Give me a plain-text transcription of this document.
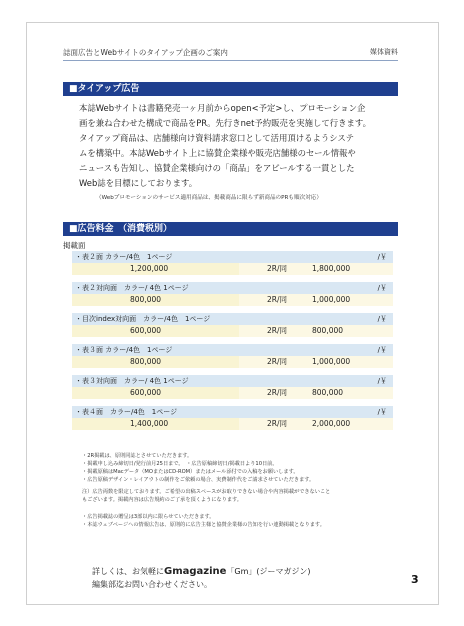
誌面広告とWebサイトのタイアップ企画のご案内	媒体資料
■タイアップ広告
本誌Webサイトは書籍発売一ヶ月前からopen<予定>し、プロモーション企
画を兼ね合わせた構成で商品をPR。先行きnet予約販売を実施して行きます。
タイアップ商品は、店舗様向け資料請求窓口として活用頂けるようシステ
ムを構築中。本誌Webサイト上に協賛企業様や販売店舗様のセール情報や
ニュースも告知し、協賛企業様向けの「商品」をアピールする一貫とした
Web誌を目標にしております。
（Webプロモーションのサービス適用商品は、掲載商品に限らず新商品のPRも順次対応）
■広告料金　（消費税別）
掲載面
・表２面 カラー/4色　1ページ	/￥
1,200,000	2R/同	1,800,000
・表２対向面　カラー/ 4色 1ページ	/￥
800,000	2R/同	1,000,000
・目次index対向面　カラー/4色　1ページ	/￥
600,000	2R/同	800,000
・表３面 カラー/4色　1ページ	/￥
800,000	2R/同	1,000,000
・表３対向面　カラー/ 4色 1ページ	/￥
600,000	2R/同	800,000
・表４面　カラー/4色　1ページ	/￥
1,400,000	2R/同	2,000,000
・2R掲載は、原則同誌とさせていただきます。
・掲載申し込み締切日/発行前月25日まで。　・広告原稿締切日/掲載日より10日前。
・掲載原稿はMacデータ（MOまたはCD-ROM）またはメール添付での入稿をお願いします。
・広告原稿デザイン・レイアウトの制作をご依頼の場合、実費制作代をご請求させていただきます。
注）広告両数を限定しております。ご希望の出稿スペースがお取りできない場合や内容掲載ができないこと
もございます。掲載内容は広告規約のご了承を頂くようになります。
・広告掲載誌の贈呈は3部以内に限らせていただきます。
・本誌ウェブページへの情報広告は、原則的に広告主様と協賛企業様の告知を行い連動掲載となります。
詳しくは、お気軽にGmagazine「Gm」(ジーマガジン)
編集部迄お問い合わせください。	3
